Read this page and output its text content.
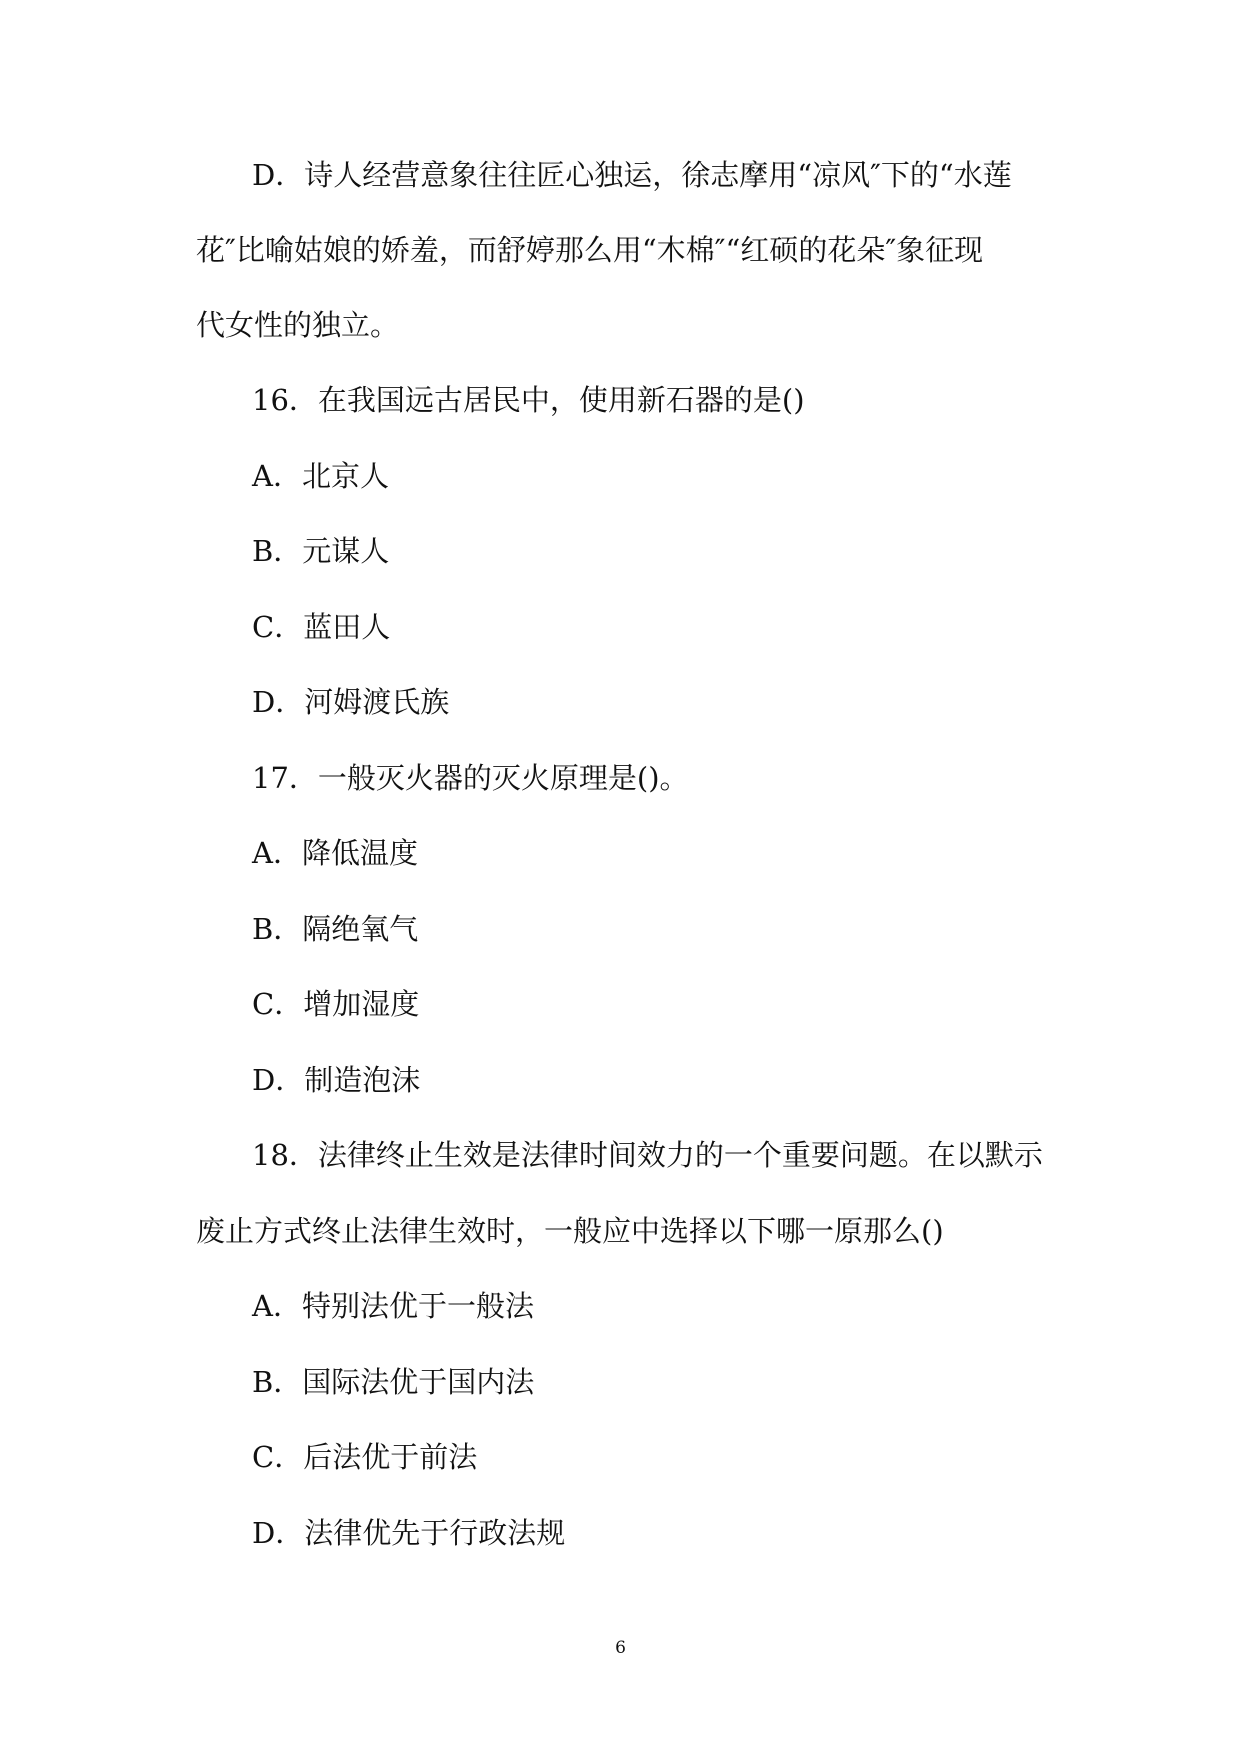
D．诗人经营意象往往匠心独运，徐志摩用“凉风″下的“水莲
花″比喻姑娘的娇羞，而舒婷那么用“木棉″“红硕的花朵″象征现
代女性的独立。
16．在我国远古居民中，使用新石器的是()
A．北京人
B．元谋人
C．蓝田人
D．河姆渡氏族
17．一般灭火器的灭火原理是()。
A．降低温度
B．隔绝氧气
C．增加湿度
D．制造泡沫
18．法律终止生效是法律时间效力的一个重要问题。在以默示
废止方式终止法律生效时，一般应中选择以下哪一原那么()
A．特别法优于一般法
B．国际法优于国内法
C．后法优于前法
D．法律优先于行政法规
6
